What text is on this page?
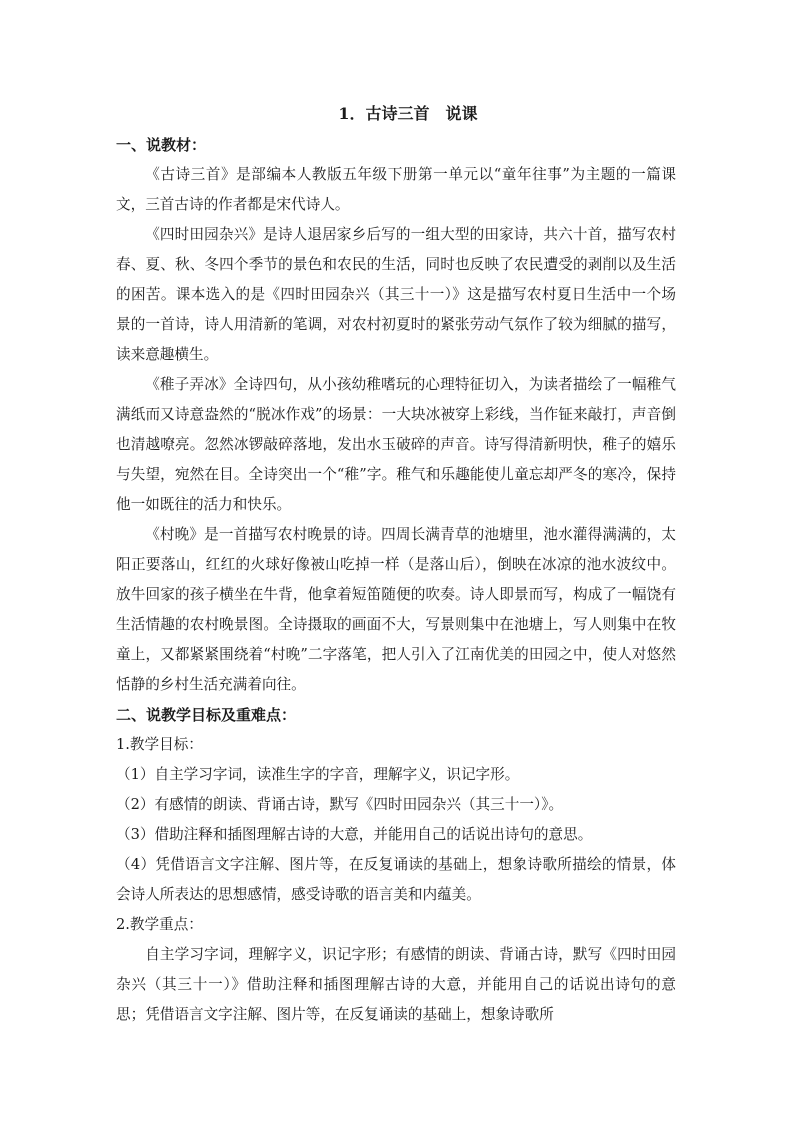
1．古诗三首　说课
一、说教材：

《古诗三首》是部编本人教版五年级下册第一单元以“童年往事”为主题的一篇课文，三首古诗的作者都是宋代诗人。

《四时田园杂兴》是诗人退居家乡后写的一组大型的田家诗，共六十首，描写农村春、夏、秋、冬四个季节的景色和农民的生活，同时也反映了农民遭受的剥削以及生活的困苦。课本选入的是《四时田园杂兴（其三十一）》这是描写农村夏日生活中一个场景的一首诗，诗人用清新的笔调，对农村初夏时的紧张劳动气氛作了较为细腻的描写，读来意趣横生。

《稚子弄冰》全诗四句，从小孩幼稚嗜玩的心理特征切入，为读者描绘了一幅稚气满纸而又诗意盎然的“脱冰作戏”的场景：一大块冰被穿上彩线，当作钲来敲打，声音倒也清越嘹亮。忽然冰锣敲碎落地，发出水玉破碎的声音。诗写得清新明快，稚子的嬉乐与失望，宛然在目。全诗突出一个“稚”字。稚气和乐趣能使儿童忘却严冬的寒冷，保持他一如既往的活力和快乐。

《村晚》是一首描写农村晚景的诗。四周长满青草的池塘里，池水灌得满满的，太阳正要落山，红红的火球好像被山吃掉一样（是落山后），倒映在冰凉的池水波纹中。放牛回家的孩子横坐在牛背，他拿着短笛随便的吹奏。诗人即景而写，构成了一幅饶有生活情趣的农村晚景图。全诗摄取的画面不大，写景则集中在池塘上，写人则集中在牧童上，又都紧紧围绕着“村晚”二字落笔，把人引入了江南优美的田园之中，使人对悠然恬静的乡村生活充满着向往。

二、说教学目标及重难点：

1.教学目标：

（1）自主学习字词，读准生字的字音，理解字义，识记字形。

（2）有感情的朗读、背诵古诗，默写《四时田园杂兴（其三十一）》。

（3）借助注释和插图理解古诗的大意，并能用自己的话说出诗句的意思。

（4）凭借语言文字注解、图片等，在反复诵读的基础上，想象诗歌所描绘的情景，体会诗人所表达的思想感情，感受诗歌的语言美和内蕴美。

2.教学重点：

自主学习字词，理解字义，识记字形；有感情的朗读、背诵古诗，默写《四时田园杂兴（其三十一）》借助注释和插图理解古诗的大意，并能用自己的话说出诗句的意思；凭借语言文字注解、图片等，在反复诵读的基础上，想象诗歌所
